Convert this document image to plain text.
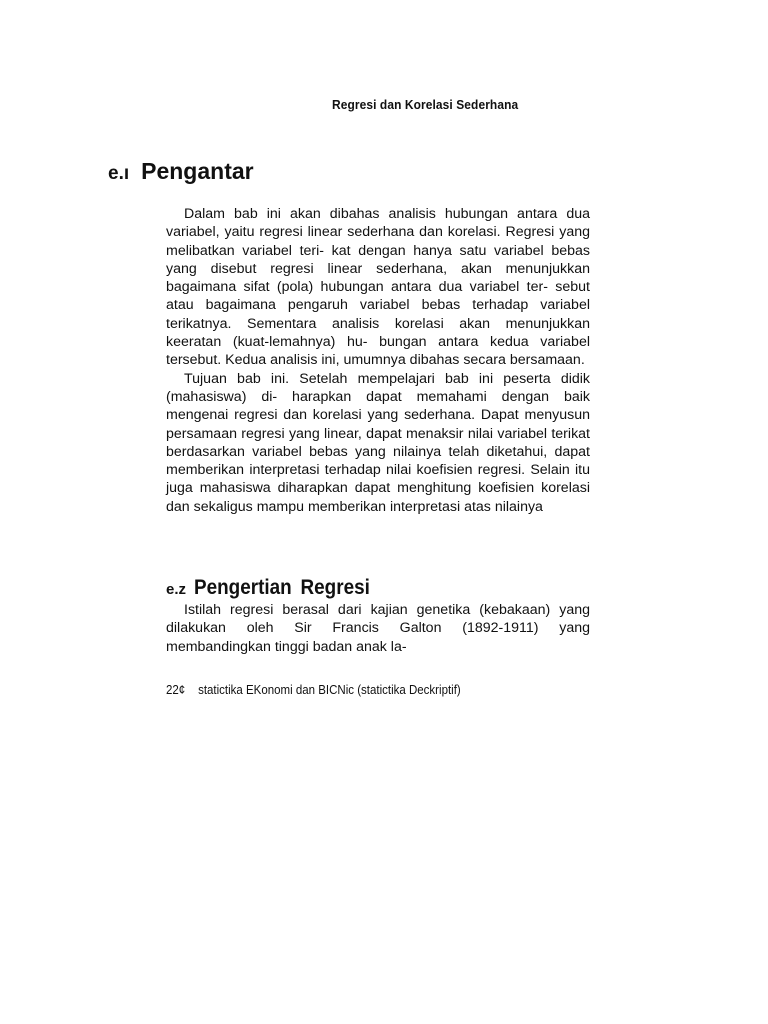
Regresi dan Korelasi Sederhana
e.ı Pengantar

Dalam bab ini akan dibahas analisis hubungan antara dua variabel, yaitu regresi linear sederhana dan korelasi. Regresi yang melibatkan variabel teri- kat dengan hanya satu variabel bebas yang disebut regresi linear sederhana, akan menunjukkan bagaimana sifat (pola) hubungan antara dua variabel ter- sebut atau bagaimana pengaruh variabel bebas terhadap variabel terikatnya. Sementara analisis korelasi akan menunjukkan keeratan (kuat-lemahnya) hu- bungan antara kedua variabel tersebut. Kedua analisis ini, umumnya dibahas secara bersamaan.

Tujuan bab ini. Setelah mempelajari bab ini peserta didik (mahasiswa) di- harapkan dapat memahami dengan baik mengenai regresi dan korelasi yang sederhana. Dapat menyusun persamaan regresi yang linear, dapat menaksir nilai variabel terikat berdasarkan variabel bebas yang nilainya telah diketahui, dapat memberikan interpretasi terhadap nilai koefisien regresi. Selain itu juga mahasiswa diharapkan dapat menghitung koefisien korelasi dan sekaligus mampu memberikan interpretasi atas nilainya

e.z Pengertian Regresi

Istilah regresi berasal dari kajian genetika (kebakaan) yang dilakukan oleh Sir Francis Galton (1892-1911) yang membandingkan tinggi badan anak la-

22¢ statictika EKonomi dan BICNic (statictika Deckriptif)
